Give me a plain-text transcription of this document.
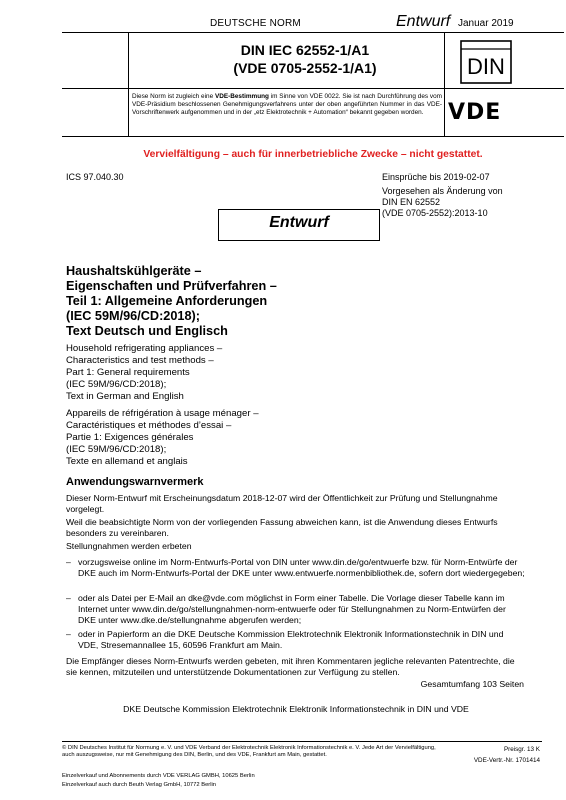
DEUTSCHE NORM	Entwurf Januar 2019
DIN IEC 62552-1/A1
(VDE 0705-2552-1/A1)	DIN
Diese Norm ist zugleich eine VDE-Bestimmung im Sinne von VDE 0022. Sie ist nach Durchführung des vom VDE-Präsidium beschlossenen Genehmigungsverfahrens unter der oben angeführten Nummer in das VDE-Vorschriftenwerk aufgenommen und in der „etz Elektrotechnik + Automation“ bekannt gegeben worden.	VDE
Vervielfältigung – auch für innerbetriebliche Zwecke – nicht gestattet.
ICS 97.040.30	Einsprüche bis 2019-02-07
Vorgesehen als Änderung von
DIN EN 62552
(VDE 0705-2552):2013-10
Entwurf
Haushaltskühlgeräte –
Eigenschaften und Prüfverfahren –
Teil 1: Allgemeine Anforderungen
(IEC 59M/96/CD:2018);
Text Deutsch und Englisch
Household refrigerating appliances –
Characteristics and test methods –
Part 1: General requirements
(IEC 59M/96/CD:2018);
Text in German and English
Appareils de réfrigération à usage ménager –
Caractéristiques et méthodes d’essai –
Partie 1: Exigences générales
(IEC 59M/96/CD:2018);
Texte en allemand et anglais
Anwendungswarnvermerk
Dieser Norm-Entwurf mit Erscheinungsdatum 2018-12-07 wird der Öffentlichkeit zur Prüfung und Stellungnahme vorgelegt.
Weil die beabsichtigte Norm von der vorliegenden Fassung abweichen kann, ist die Anwendung dieses Entwurfs besonders zu vereinbaren.
Stellungnahmen werden erbeten
– vorzugsweise online im Norm-Entwurfs-Portal von DIN unter www.din.de/go/entwuerfe bzw. für Norm-Entwürfe der DKE auch im Norm-Entwurfs-Portal der DKE unter www.entwuerfe.normenbibliothek.de, sofern dort wiedergegeben;
– oder als Datei per E-Mail an dke@vde.com möglichst in Form einer Tabelle. Die Vorlage dieser Tabelle kann im Internet unter www.din.de/go/stellungnahmen-norm-entwuerfe oder für Stellungnahmen zu Norm-Entwürfen der DKE unter www.dke.de/stellungnahme abgerufen werden;
– oder in Papierform an die DKE Deutsche Kommission Elektrotechnik Elektronik Informationstechnik in DIN und VDE, Stresemannallee 15, 60596 Frankfurt am Main.
Die Empfänger dieses Norm-Entwurfs werden gebeten, mit ihren Kommentaren jegliche relevanten Patentrechte, die sie kennen, mitzuteilen und unterstützende Dokumentationen zur Verfügung zu stellen.
Gesamtumfang 103 Seiten
DKE Deutsche Kommission Elektrotechnik Elektronik Informationstechnik in DIN und VDE
© DIN Deutsches Institut für Normung e. V. und VDE Verband der Elektrotechnik Elektronik Informationstechnik e. V. Jede Art der Vervielfältigung, auch auszugsweise, nur mit Genehmigung des DIN, Berlin, und des VDE, Frankfurt am Main, gestattet.
Einzelverkauf und Abonnements durch VDE VERLAG GMBH, 10625 Berlin
Einzelverkauf auch durch Beuth Verlag GmbH, 10772 Berlin
Preisgr. 13 K
VDE-Vertr.-Nr. 1701414
